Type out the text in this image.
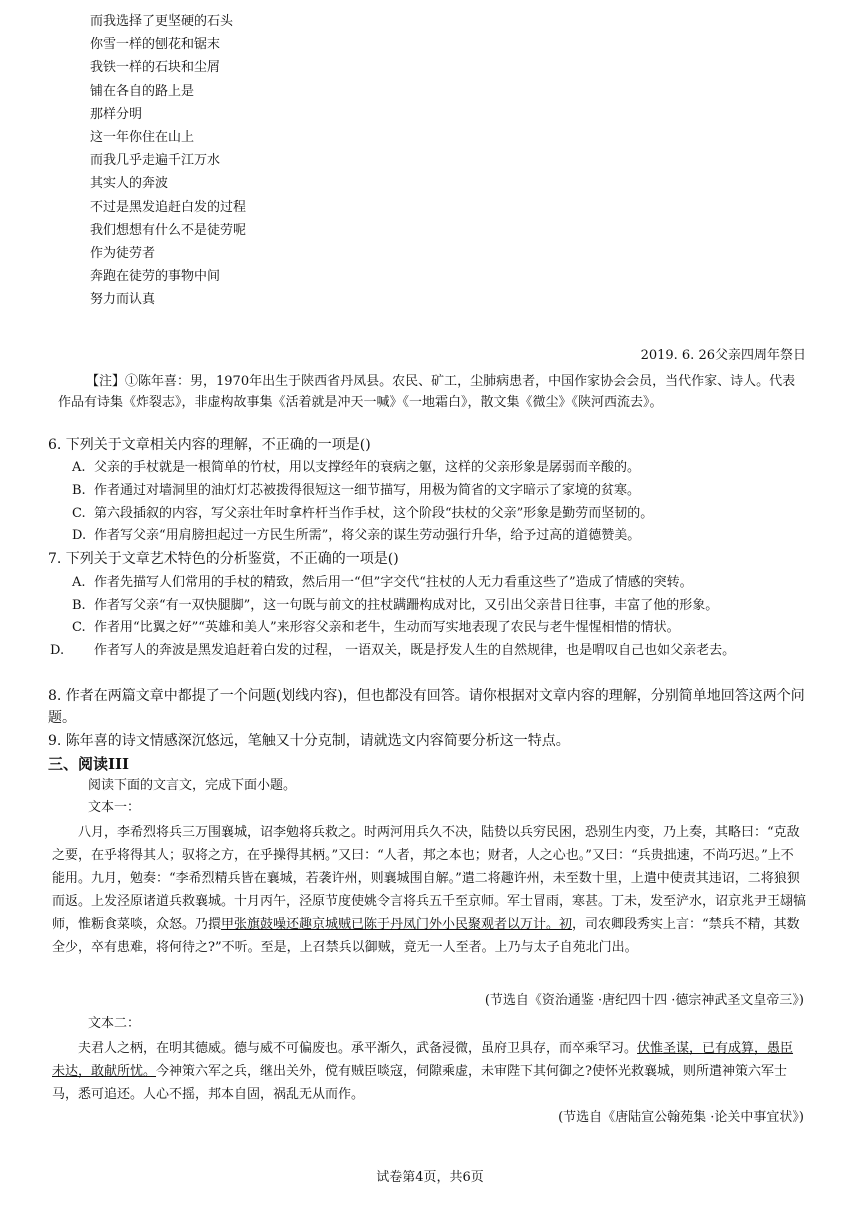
而我选择了更坚硬的石头
你雪一样的刨花和锯末
我铁一样的石块和尘屑
铺在各自的路上是
那样分明
这一年你住在山上
而我几乎走遍千江万水
其实人的奔波
不过是黑发追赶白发的过程
我们想想有什么不是徒劳呢
作为徒劳者
奔跑在徒劳的事物中间
努力而认真
2019. 6. 26父亲四周年祭日
【注】①陈年喜：男，1970年出生于陕西省丹凤县。农民、矿工，尘肺病患者，中国作家协会会员，当代作家、诗人。代表作品有诗集《炸裂志》，非虚构故事集《活着就是冲天一喊》《一地霜白》，散文集《微尘》《陕河西流去》。
6. 下列关于文章相关内容的理解，不正确的一项是()
A. 父亲的手杖就是一根简单的竹杖，用以支撑经年的衰病之躯，这样的父亲形象是孱弱而辛酸的。
B. 作者通过对墙洞里的油灯灯芯被拨得很短这一细节描写，用极为简省的文字暗示了家境的贫寒。
C. 第六段插叙的内容，写父亲壮年时拿杵杆当作手杖，这个阶段“扶杖的父亲”形象是勤劳而坚韧的。
D. 作者写父亲“用肩膀担起过一方民生所需”，将父亲的谋生劳动强行升华，给予过高的道德赞美。
7. 下列关于文章艺术特色的分析鉴赏，不正确的一项是()
A. 作者先描写人们常用的手杖的精致，然后用一“但”字交代“拄杖的人无力看重这些了”造成了情感的突转。
B. 作者写父亲“有一双快腿脚”，这一句既与前文的拄杖蹒跚构成对比，又引出父亲昔日往事，丰富了他的形象。
C. 作者用“比翼之好”“英雄和美人”来形容父亲和老牛，生动而写实地表现了农民与老牛惺惺相惜的情状。
D. 作者写人的奔波是黑发追赶着白发的过程， 一语双关，既是抒发人生的自然规律，也是喟叹自己也如父亲老去。
8. 作者在两篇文章中都提了一个问题(划线内容)，但也都没有回答。请你根据对文章内容的理解，分别简单地回答这两个问题。
9. 陈年喜的诗文情感深沉悠远，笔触又十分克制，请就选文内容简要分析这一特点。
三、阅读III
阅读下面的文言文，完成下面小题。
文本一：
八月，李希烈将兵三万围襄城，诏李勉将兵救之。时两河用兵久不决，陆贽以兵穷民困，恐别生内变，乃上奏，其略曰：“克敌之要，在乎将得其人；驭将之方，在乎操得其柄。”又曰：“人者，邦之本也；财者，人之心也。”又曰：“兵贵拙速，不尚巧迟。”上不能用。九月，勉奏：“李希烈精兵皆在襄城，若袭许州，则襄城围自解。”遣二将趣许州，未至数十里，上遣中使责其违诏，二将狼狈而返。上发泾原诸道兵救襄城。十月丙午，泾原节度使姚令言将兵五千至京师。军士冒雨，寒甚。丁未，发至浐水，诏京兆尹王翃犒师，惟粝食菜啖，众怒。乃擐甲张旗鼓噪还趣京城贼已陈于丹凤门外小民聚观者以万计。初，司农卿段秀实上言：“禁兵不精，其数全少，卒有患难，将何待之?”不听。至是，上召禁兵以御贼，竟无一人至者。上乃与太子自苑北门出。
(节选自《资治通鉴 ·唐纪四十四 ·德宗神武圣文皇帝三》)
文本二：
夫君人之柄，在明其德威。德与威不可偏废也。承平渐久，武备浸微，虽府卫具存，而卒乘罕习。伏惟圣谋，已有成算，愚臣未达，敢献所忧。今神策六军之兵，继出关外，傥有贼臣啖寇，伺隙乘虚，未审陛下其何御之?使怀光救襄城，则所遣神策六军士马，悉可追还。人心不摇，邦本自固，祸乱无从而作。
(节选自《唐陆宣公翰苑集 ·论关中事宜状》)
试卷第4页，共6页
